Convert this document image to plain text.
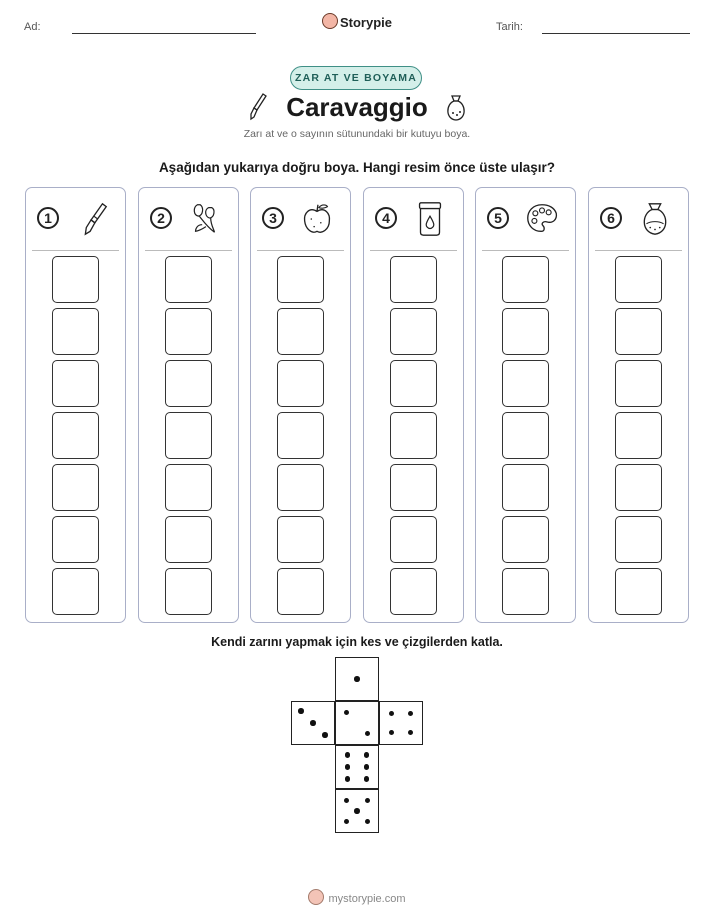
Ad:	Tarih:
Storypie
ZAR AT VE BOYAMA
Caravaggio
Zarı at ve o sayının sütunundaki bir kutuyu boya.
Aşağıdan yukarıya doğru boya. Hangi resim önce üste ulaşır?
1	2	3	4	5	6
Kendi zarını yapmak için kes ve çizgilerden katla.
mystorypie.com
